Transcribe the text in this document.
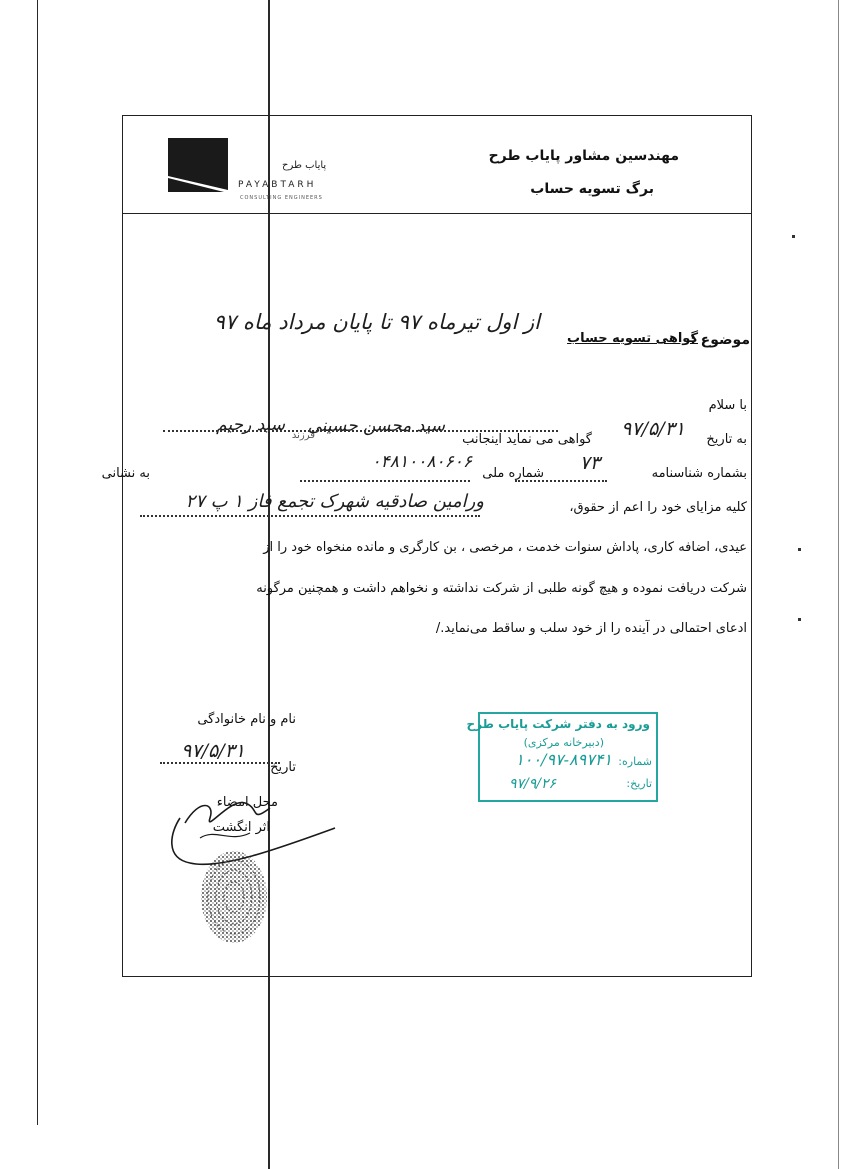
مهندسین مشاور پایاب طرح
برگ تسویه حساب
پایاب طرح
PAYABTARH
CONSULTING ENGINEERS
موضوع :
گواهی تسویه حساب
از اول تیرماه ۹۷ تا پایان مرداد ماه ۹۷
با سلام
به تاریخ
۹۷/۵/۳۱
گواهی می نماید اینجانب
سید محسن حسینی
فرزند
سید رحیم
بشماره شناسنامه
۷۳
شماره ملی
۰۴۸۱۰۰۸۰۶۰۶
به نشانی
ورامین صادقیه شهرک تجمع فاز ۱ پ ۲۷	کلیه مزایای خود را اعم از حقوق،
عیدی، اضافه کاری، پاداش سنوات خدمت ، مرخصی ، بن کارگری و مانده منخواه خود را از
شرکت دریافت نموده و هیچ گونه طلبی از شرکت نداشته و نخواهم داشت و همچنین مرگونه
ادعای احتمالی در آینده را از خود سلب و ساقط می‌نماید./
نام و نام خانوادگی
تاریخ
۹۷/۵/۳۱
محل امضاء
اثر انگشت
ورود به دفتر شرکت پایاب طرح
(دبیرخانه مرکزی)
شماره:
۱۰۰/۹۷-۸۹۷۴۱
تاریخ:
۹۷/۹/۲۶
